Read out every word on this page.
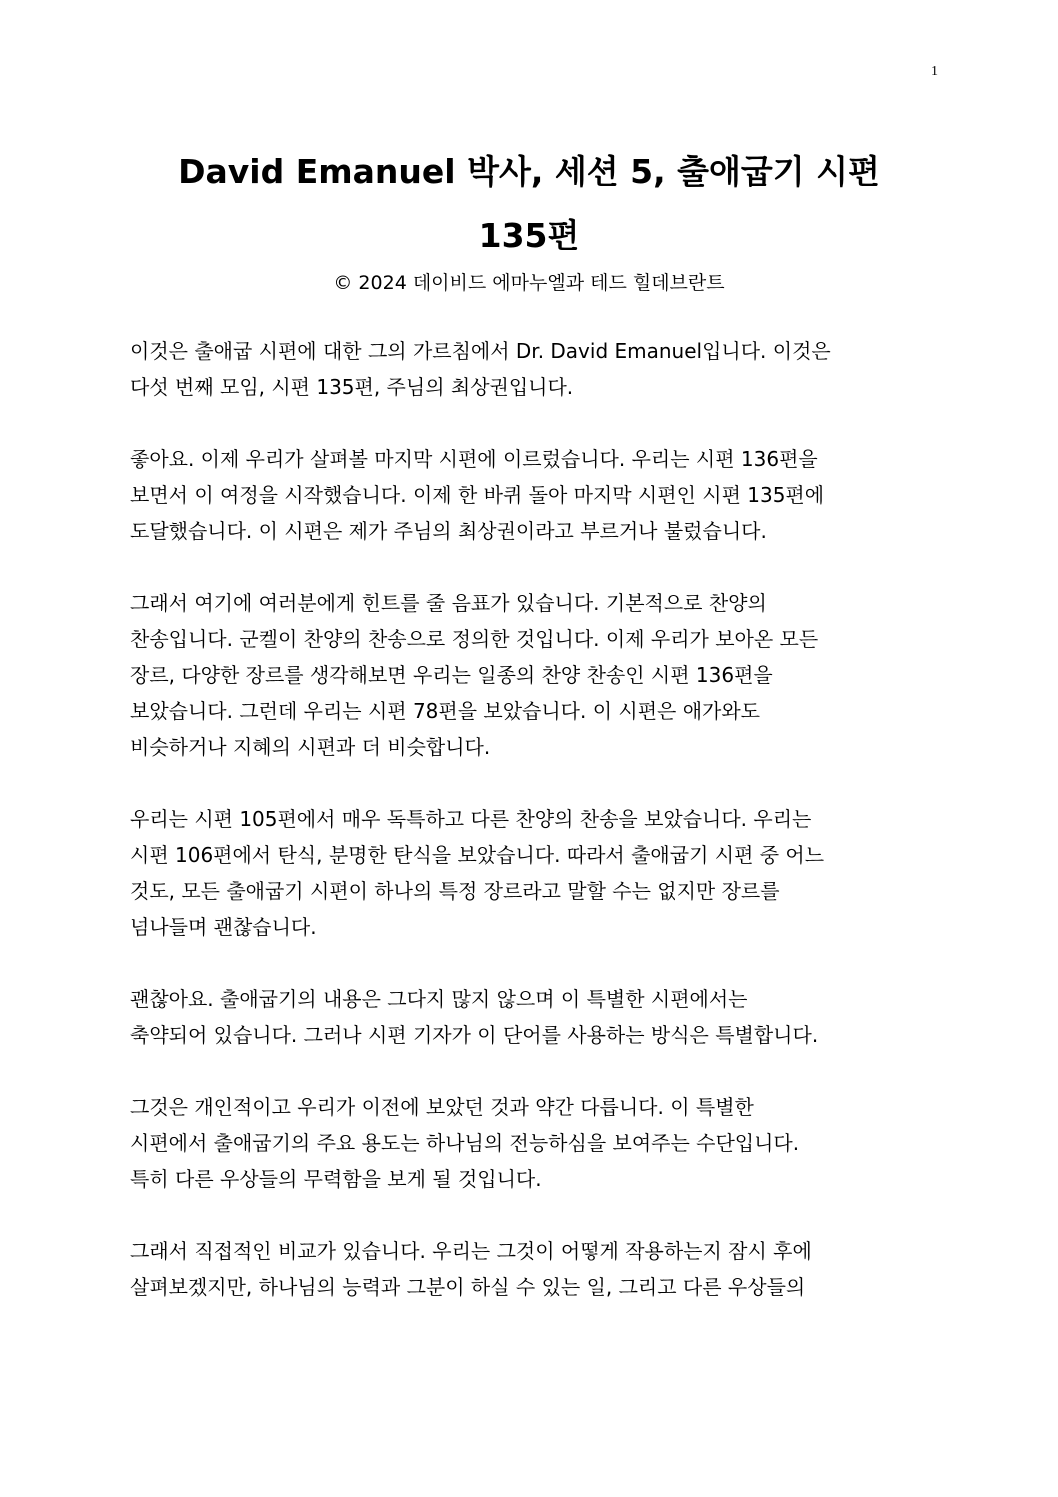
1
David Emanuel 박사, 세션 5, 출애굽기 시편
135편
© 2024 데이비드 에마누엘과 테드 힐데브란트

이것은 출애굽 시편에 대한 그의 가르침에서 Dr. David Emanuel입니다. 이것은
다섯 번째 모임, 시편 135편, 주님의 최상권입니다.

좋아요. 이제 우리가 살펴볼 마지막 시편에 이르렀습니다. 우리는 시편 136편을
보면서 이 여정을 시작했습니다. 이제 한 바퀴 돌아 마지막 시편인 시편 135편에
도달했습니다. 이 시편은 제가 주님의 최상권이라고 부르거나 불렀습니다.

그래서 여기에 여러분에게 힌트를 줄 음표가 있습니다. 기본적으로 찬양의
찬송입니다. 군켈이 찬양의 찬송으로 정의한 것입니다. 이제 우리가 보아온 모든
장르, 다양한 장르를 생각해보면 우리는 일종의 찬양 찬송인 시편 136편을
보았습니다. 그런데 우리는 시편 78편을 보았습니다. 이 시편은 애가와도
비슷하거나 지혜의 시편과 더 비슷합니다.

우리는 시편 105편에서 매우 독특하고 다른 찬양의 찬송을 보았습니다. 우리는
시편 106편에서 탄식, 분명한 탄식을 보았습니다. 따라서 출애굽기 시편 중 어느
것도, 모든 출애굽기 시편이 하나의 특정 장르라고 말할 수는 없지만 장르를
넘나들며 괜찮습니다.

괜찮아요. 출애굽기의 내용은 그다지 많지 않으며 이 특별한 시편에서는
축약되어 있습니다. 그러나 시편 기자가 이 단어를 사용하는 방식은 특별합니다.

그것은 개인적이고 우리가 이전에 보았던 것과 약간 다릅니다. 이 특별한
시편에서 출애굽기의 주요 용도는 하나님의 전능하심을 보여주는 수단입니다.
특히 다른 우상들의 무력함을 보게 될 것입니다.

그래서 직접적인 비교가 있습니다. 우리는 그것이 어떻게 작용하는지 잠시 후에
살펴보겠지만, 하나님의 능력과 그분이 하실 수 있는 일, 그리고 다른 우상들의
